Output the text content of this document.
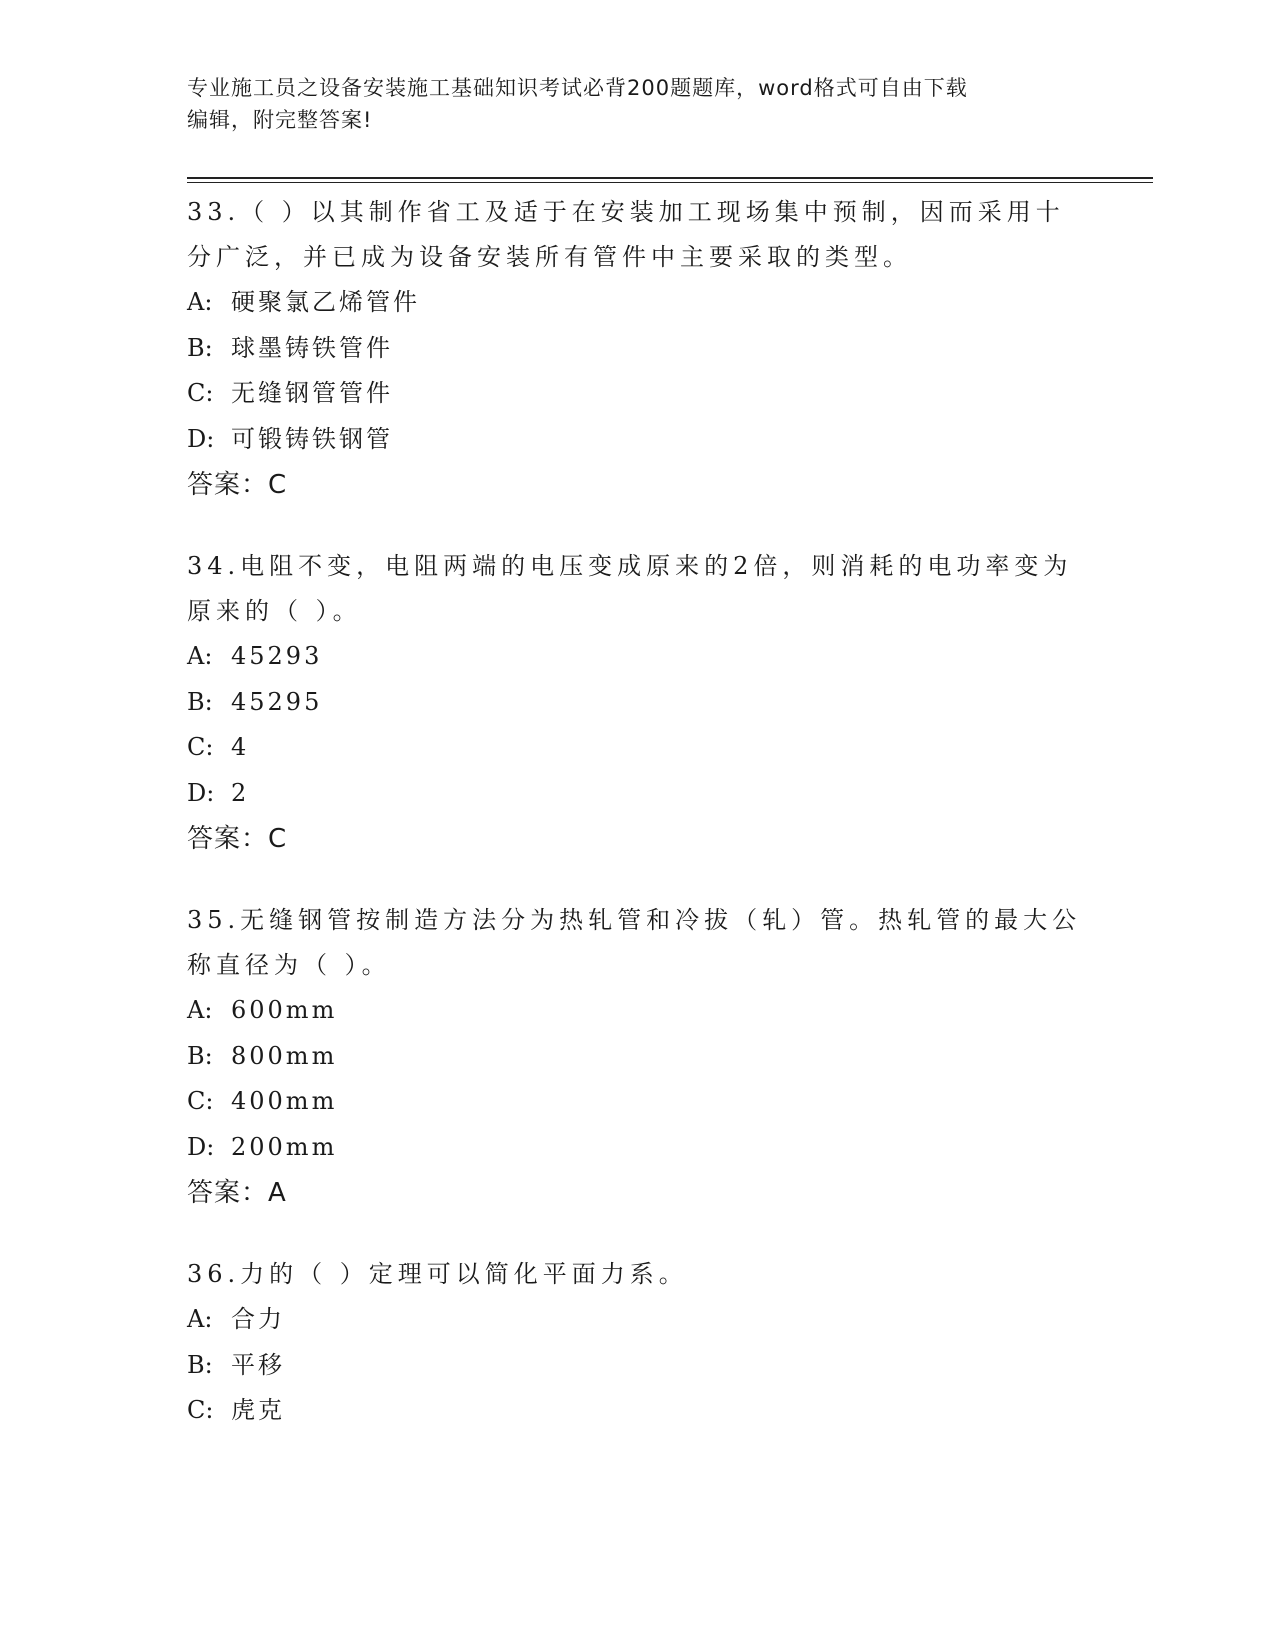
专业施工员之设备安装施工基础知识考试必背200题题库，word格式可自由下载
编辑，附完整答案!

33.（ ）以其制作省工及适于在安装加工现场集中预制，因而采用十
分广泛，并已成为设备安装所有管件中主要采取的类型。

A: 硬聚氯乙烯管件

B: 球墨铸铁管件

C: 无缝钢管管件

D: 可锻铸铁钢管

答案：C

34.电阻不变，电阻两端的电压变成原来的2倍，则消耗的电功率变为
原来的（ ）。

A: 45293

B: 45295

C: 4

D: 2

答案：C

35.无缝钢管按制造方法分为热轧管和冷拔（轧）管。热轧管的最大公
称直径为（ ）。

A: 600mm

B: 800mm

C: 400mm

D: 200mm

答案：A

36.力的（ ）定理可以简化平面力系。

A: 合力

B: 平移

C: 虎克
